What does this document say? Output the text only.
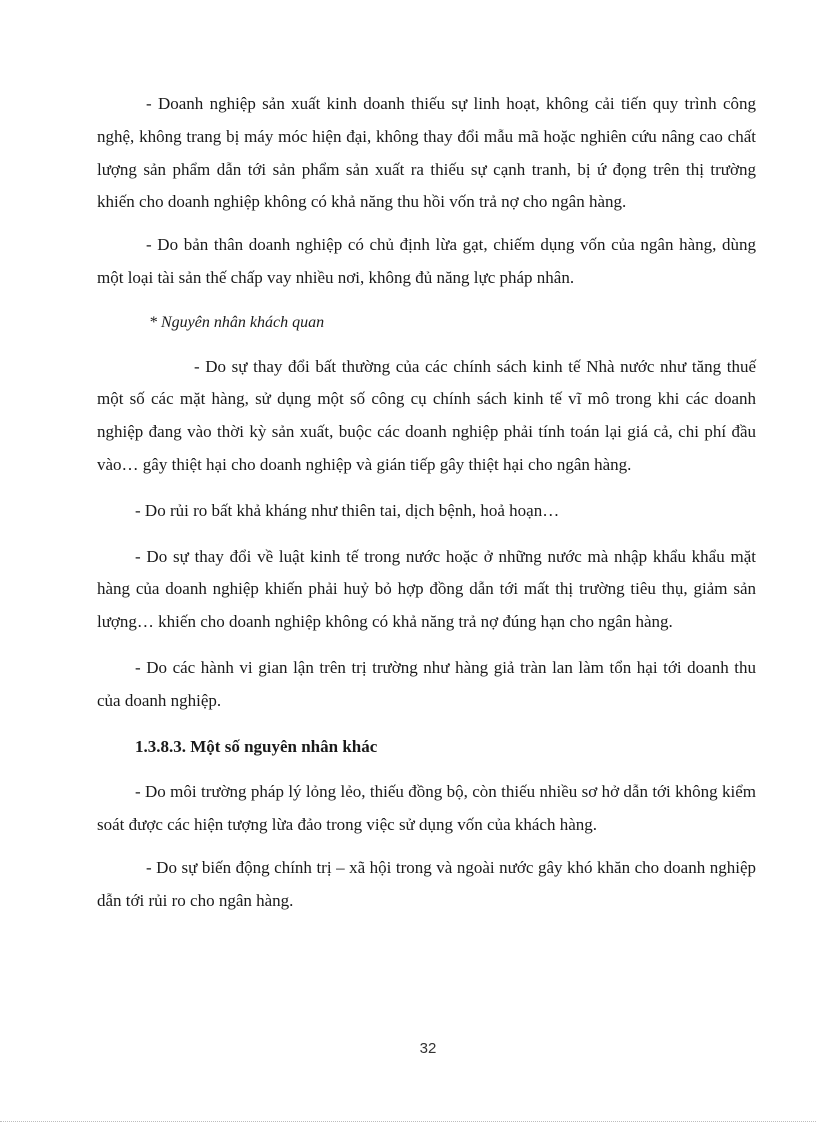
- Doanh nghiệp sản xuất kinh doanh thiếu sự linh hoạt, không cải tiến quy trình công nghệ, không trang bị máy móc hiện đại, không thay đổi mẫu mã hoặc nghiên cứu nâng cao chất lượng sản phẩm dẫn tới sản phẩm sản xuất ra thiếu sự cạnh tranh, bị ứ đọng trên thị trường khiến cho doanh nghiệp không có khả năng thu hồi vốn trả nợ cho ngân hàng.

- Do bản thân doanh nghiệp có chủ định lừa gạt, chiếm dụng vốn của ngân hàng, dùng một loại tài sản thế chấp vay nhiều nơi, không đủ năng lực pháp nhân.

* Nguyên nhân khách quan

- Do sự thay đổi bất thường của các chính sách kinh tế Nhà nước như tăng thuế một số các mặt hàng, sử dụng một số công cụ chính sách kinh tế vĩ mô trong khi các doanh nghiệp đang vào thời kỳ sản xuất, buộc các doanh nghiệp phải tính toán lại giá cả, chi phí đầu vào… gây thiệt hại cho doanh nghiệp và gián tiếp gây thiệt hại cho ngân hàng.

- Do rủi ro bất khả kháng như thiên tai, dịch bệnh, hoả hoạn…

- Do sự thay đổi về luật kinh tế trong nước hoặc ở những nước mà nhập khẩu khẩu mặt hàng của doanh nghiệp khiến phải huỷ bỏ hợp đồng dẫn tới mất thị trường tiêu thụ, giảm sản lượng… khiến cho doanh nghiệp không có khả năng trả nợ đúng hạn cho ngân hàng.

- Do các hành vi gian lận trên trị trường như hàng giả tràn lan làm tổn hại tới doanh thu của doanh nghiệp.

1.3.8.3. Một số nguyên nhân khác

- Do môi trường pháp lý lỏng lẻo, thiếu đồng bộ, còn thiếu nhiều sơ hở dẫn tới không kiểm soát được các hiện tượng lừa đảo trong việc sử dụng vốn của khách hàng.

- Do sự biến động chính trị – xã hội trong và ngoài nước gây khó khăn cho doanh nghiệp dẫn tới rủi ro cho ngân hàng.

32
